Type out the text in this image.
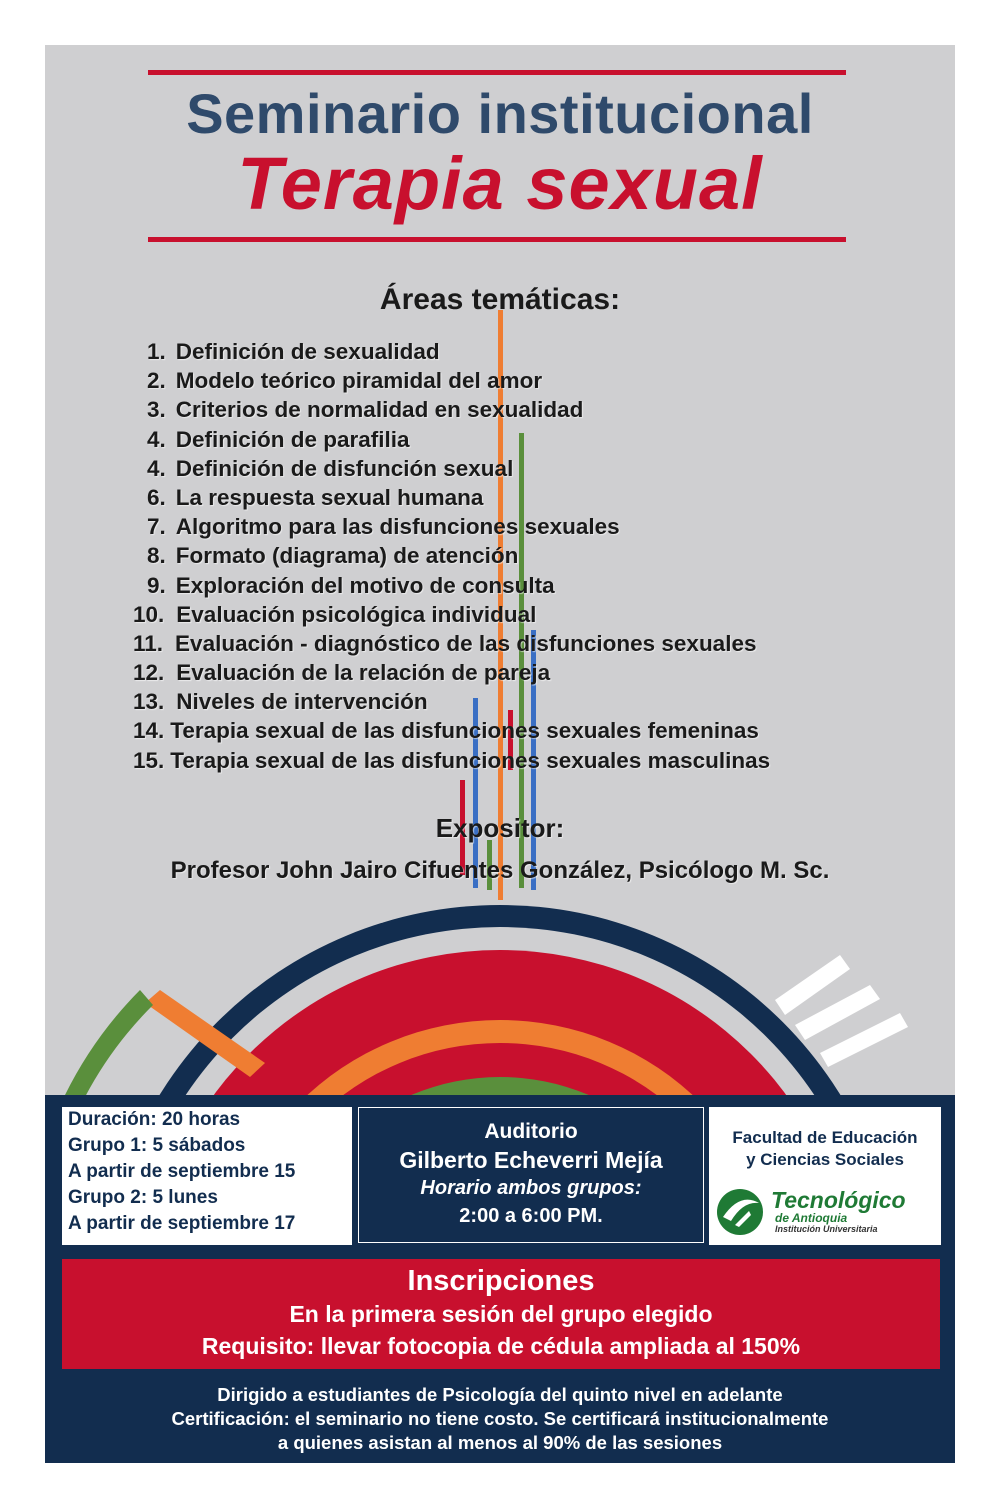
Seminario institucional
Terapia sexual
Áreas temáticas:
1. Definición de sexualidad
2. Modelo teórico piramidal del amor
3. Criterios de normalidad en sexualidad
4. Definición de parafilia
4. Definición de disfunción sexual
6. La respuesta sexual humana
7. Algoritmo para las disfunciones sexuales
8. Formato (diagrama) de atención
9. Exploración del motivo de consulta
10. Evaluación psicológica individual
11. Evaluación - diagnóstico de las disfunciones sexuales
12. Evaluación de la relación de pareja
13. Niveles de intervención
14. Terapia sexual de las disfunciones sexuales femeninas
15. Terapia sexual de las disfunciones sexuales masculinas
Expositor:
Profesor John Jairo Cifuentes González, Psicólogo M. Sc.
Duración: 20 horas
Grupo 1: 5 sábados
A partir de septiembre 15
Grupo 2: 5 lunes
A partir de septiembre 17
Auditorio
Gilberto Echeverri Mejía
Horario ambos grupos:
2:00 a 6:00 PM.
Facultad de Educación
y Ciencias Sociales
Tecnológico
de Antioquia
Institución Universitaria
Inscripciones
En la primera sesión del grupo elegido
Requisito: llevar fotocopia de cédula ampliada al 150%
Dirigido a estudiantes de Psicología del quinto nivel en adelante
Certificación: el seminario no tiene costo. Se certificará institucionalmente
a quienes asistan al menos al 90% de las sesiones
